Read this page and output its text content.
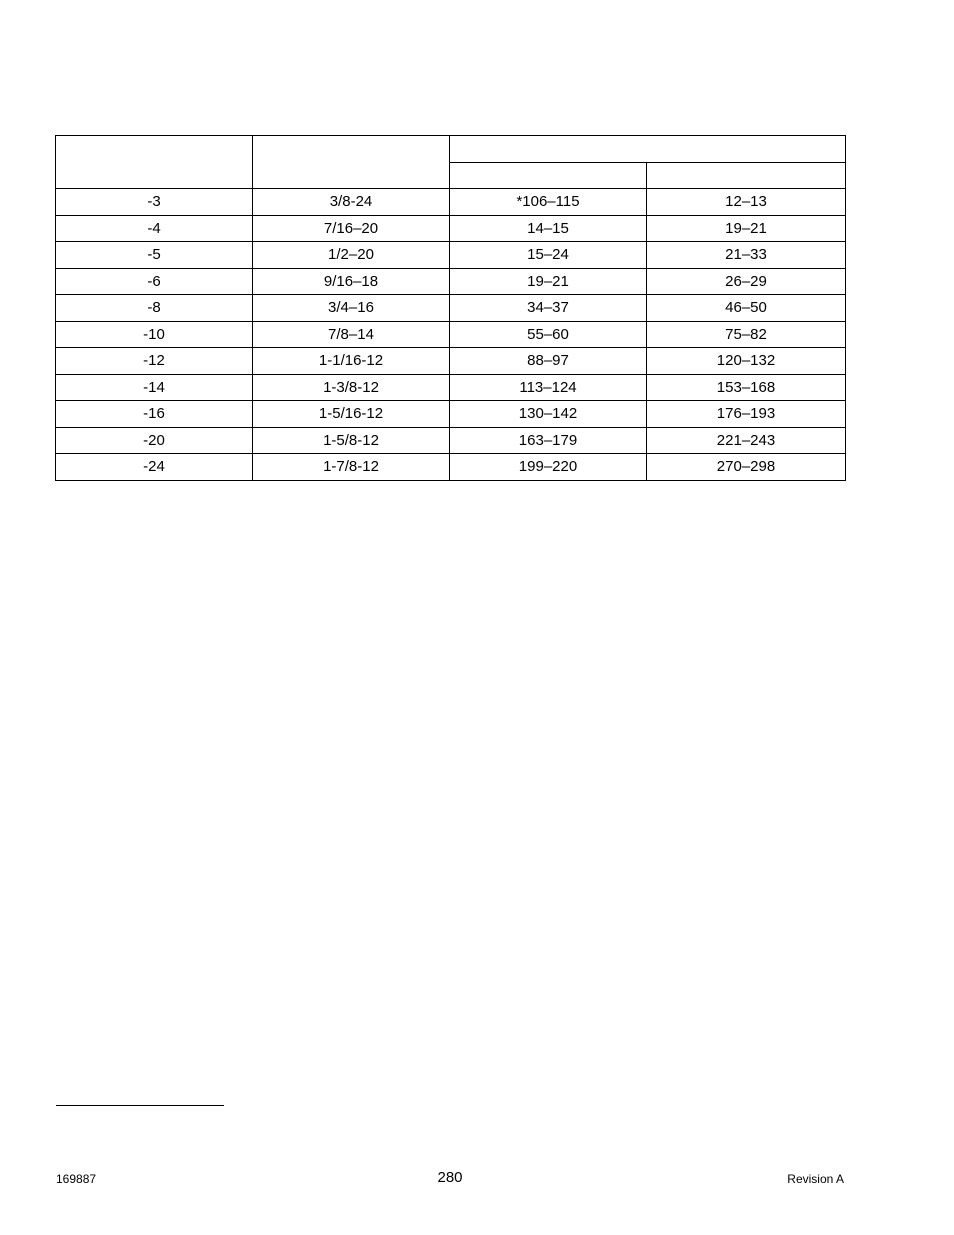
-3	3/8-24	*106–115	12–13
-4	7/16–20	14–15	19–21
-5	1/2–20	15–24	21–33
-6	9/16–18	19–21	26–29
-8	3/4–16	34–37	46–50
-10	7/8–14	55–60	75–82
-12	1-1/16-12	88–97	120–132
-14	1-3/8-12	113–124	153–168
-16	1-5/16-12	130–142	176–193
-20	1-5/8-12	163–179	221–243
-24	1-7/8-12	199–220	270–298
169887	280	Revision A
